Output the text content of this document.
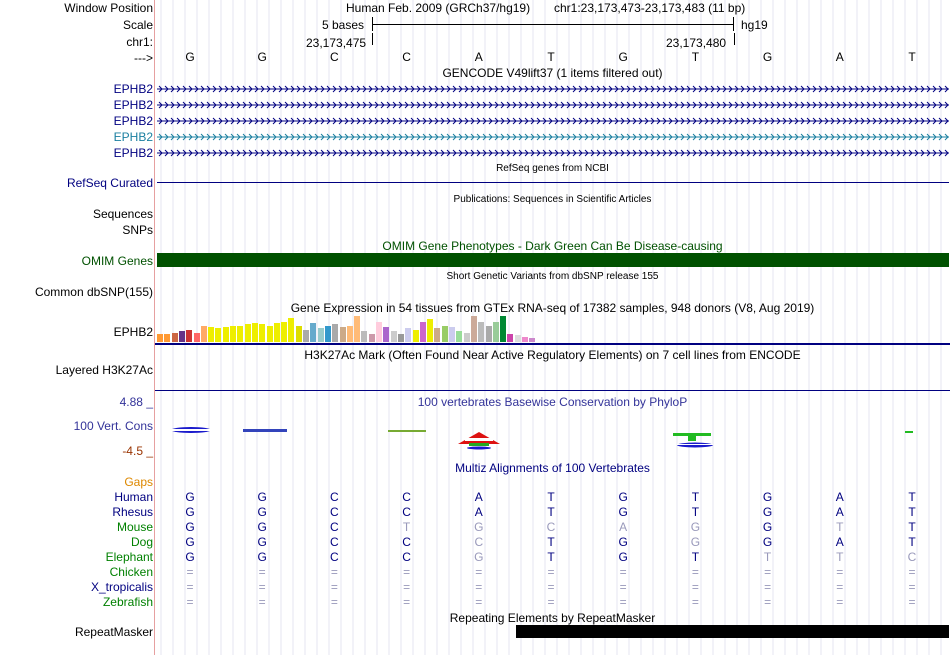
Window Position
Scale
chr1:
--->
Human Feb. 2009 (GRCh37/hg19) chr1:23,173,473-23,173,483 (11 bp)
5 bases	hg19
23,173,475	23,173,480
G	G	C	C	A	T	G	T	G	A	T
GENCODE V49lift37 (1 items filtered out)
EPHB2
EPHB2
EPHB2
EPHB2
EPHB2
RefSeq genes from NCBI
RefSeq Curated
Publications: Sequences in Scientific Articles
Sequences
SNPs
OMIM Gene Phenotypes - Dark Green Can Be Disease-causing
OMIM Genes
Short Genetic Variants from dbSNP release 155
Common dbSNP(155)
Gene Expression in 54 tissues from GTEx RNA-seq of 17382 samples, 948 donors (V8, Aug 2019)
EPHB2
H3K27Ac Mark (Often Found Near Active Regulatory Elements) on 7 cell lines from ENCODE
Layered H3K27Ac
100 vertebrates Basewise Conservation by PhyloP
4.88 _
100 Vert. Cons
-4.5 _
Multiz Alignments of 100 Vertebrates
Gaps
Human	G	G	C	C	A	T	G	T	G	A	T
Rhesus	G	G	C	C	A	T	G	T	G	A	T
Mouse	G	G	C	T	G	C	A	G	G	T	T
Dog	G	G	C	C	C	T	G	G	G	A	T
Elephant	G	G	C	C	G	T	G	T	T	T	C
Chicken	=	=	=	=	=	=	=	=	=	=	=
X_tropicalis	=	=	=	=	=	=	=	=	=	=	=
Zebrafish	=	=	=	=	=	=	=	=	=	=	=
Repeating Elements by RepeatMasker
RepeatMasker
